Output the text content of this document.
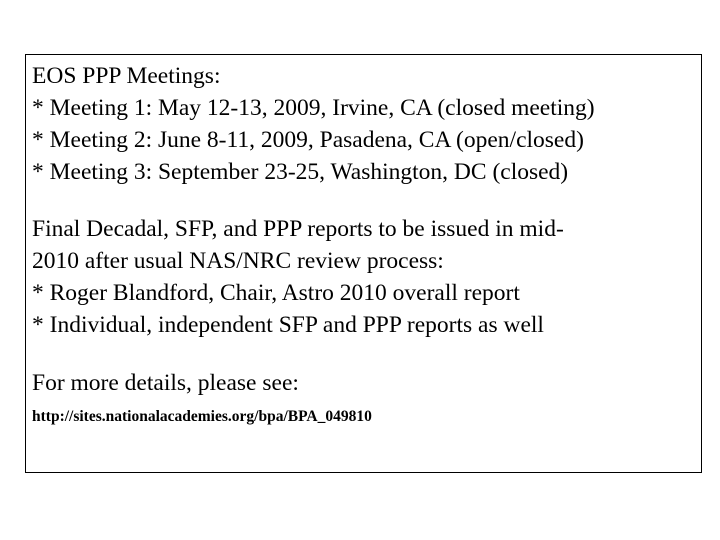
EOS PPP Meetings:
* Meeting 1: May 12-13, 2009, Irvine, CA (closed meeting)
* Meeting 2: June 8-11, 2009, Pasadena, CA (open/closed)
* Meeting 3: September 23-25, Washington, DC (closed)
Final Decadal, SFP, and PPP reports to be issued in mid-
2010 after usual NAS/NRC review process:
* Roger Blandford, Chair, Astro 2010 overall report
* Individual, independent SFP and PPP reports as well
For more details, please see:
http://sites.nationalacademies.org/bpa/BPA_049810
